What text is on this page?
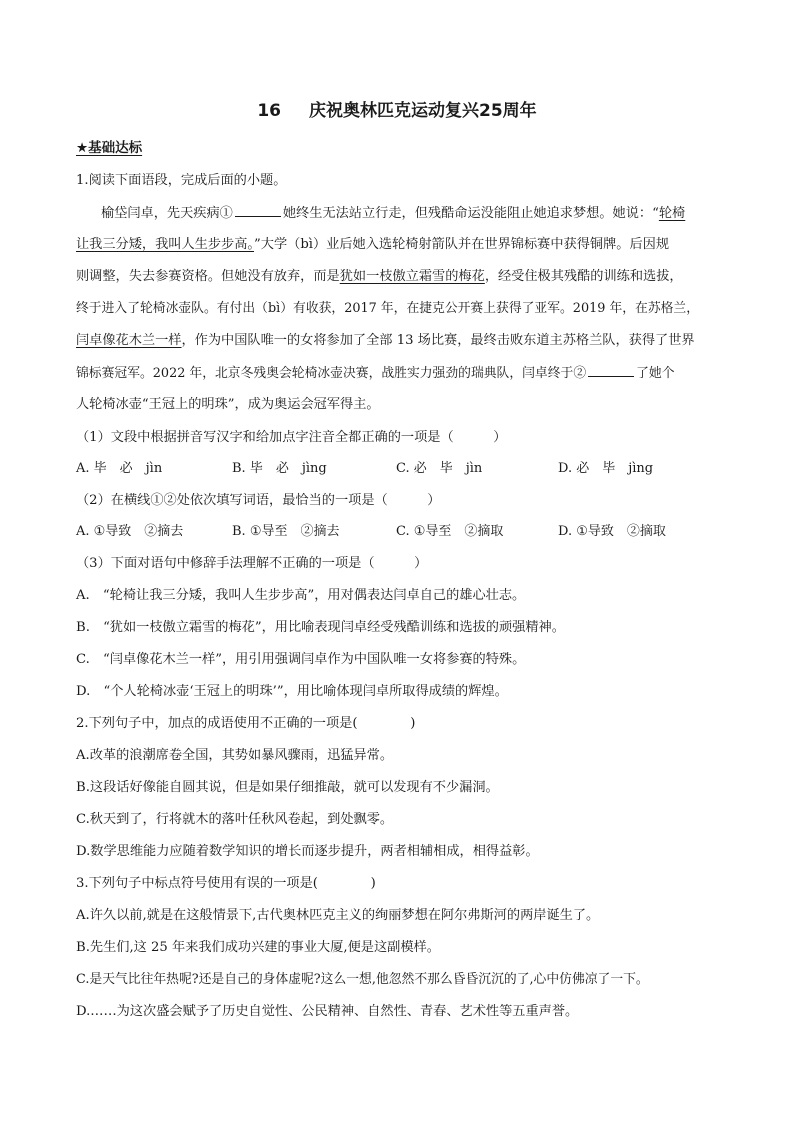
16 庆祝奥林匹克运动复兴25周年
★基础达标
1.阅读下面语段，完成后面的小题。
榆垈闫卓，先天疾病①	她终生无法站立行走，但残酷命运没能阻止她追求梦想。她说：“轮椅
让我三分矮，我叫人生步步高。”大学（bì）业后她入选轮椅射箭队并在世界锦标赛中获得铜牌。后因规
则调整，失去参赛资格。但她没有放弃，而是犹如一枝傲立霜雪的梅花，经受住极其残酷的训练和选拔，
终于进入了轮椅冰壶队。有付出（bì）有收获，2017 年，在捷克公开赛上获得了亚军。2019 年，在苏格兰，
闫卓像花木兰一样，作为中国队唯一的女将参加了全部 13 场比赛，最终击败东道主苏格兰队，获得了世界
锦标赛冠军。2022 年，北京冬残奥会轮椅冰壶决赛，战胜实力强劲的瑞典队，闫卓终于②	了她个
人轮椅冰壶“王冠上的明珠”，成为奥运会冠军得主。
（1）文段中根据拼音写汉字和给加点字注音全都正确的一项是（　　　）
A. 毕　必　jìn	B. 毕　必　jìng	C. 必　毕　jìn	D. 必　毕　jìng
（2）在横线①②处依次填写词语，最恰当的一项是（　　　）
A. ①导致　②摘去	B. ①导至　②摘去	C. ①导至　②摘取	D. ①导致　②摘取
（3）下面对语句中修辞手法理解不正确的一项是（　　　）
A.　“轮椅让我三分矮，我叫人生步步高”，用对偶表达闫卓自己的雄心壮志。
B.　“犹如一枝傲立霜雪的梅花”，用比喻表现闫卓经受残酷训练和选拔的顽强精神。
C.　“闫卓像花木兰一样”，用引用强调闫卓作为中国队唯一女将参赛的特殊。
D.　“个人轮椅冰壶‘王冠上的明珠’”，用比喻体现闫卓所取得成绩的辉煌。
2.下列句子中，加点的成语使用不正确的一项是(　　　　)
A.改革的浪潮席卷全国，其势如暴风骤雨，迅猛异常。
B.这段话好像能自圆其说，但是如果仔细推敲，就可以发现有不少漏洞。
C.秋天到了，行将就木的落叶任秋风卷起，到处飘零。
D.数学思维能力应随着数学知识的增长而逐步提升，两者相辅相成，相得益彰。
3.下列句子中标点符号使用有误的一项是(　　　　)
A.许久以前,就是在这般情景下,古代奥林匹克主义的绚丽梦想在阿尔弗斯河的两岸诞生了。
B.先生们,这 25 年来我们成功兴建的事业大厦,便是这副模样。
C.是天气比往年热呢?还是自己的身体虚呢?这么一想,他忽然不那么昏昏沉沉的了,心中仿佛凉了一下。
D.……为这次盛会赋予了历史自觉性、公民精神、自然性、青春、艺术性等五重声誉。
